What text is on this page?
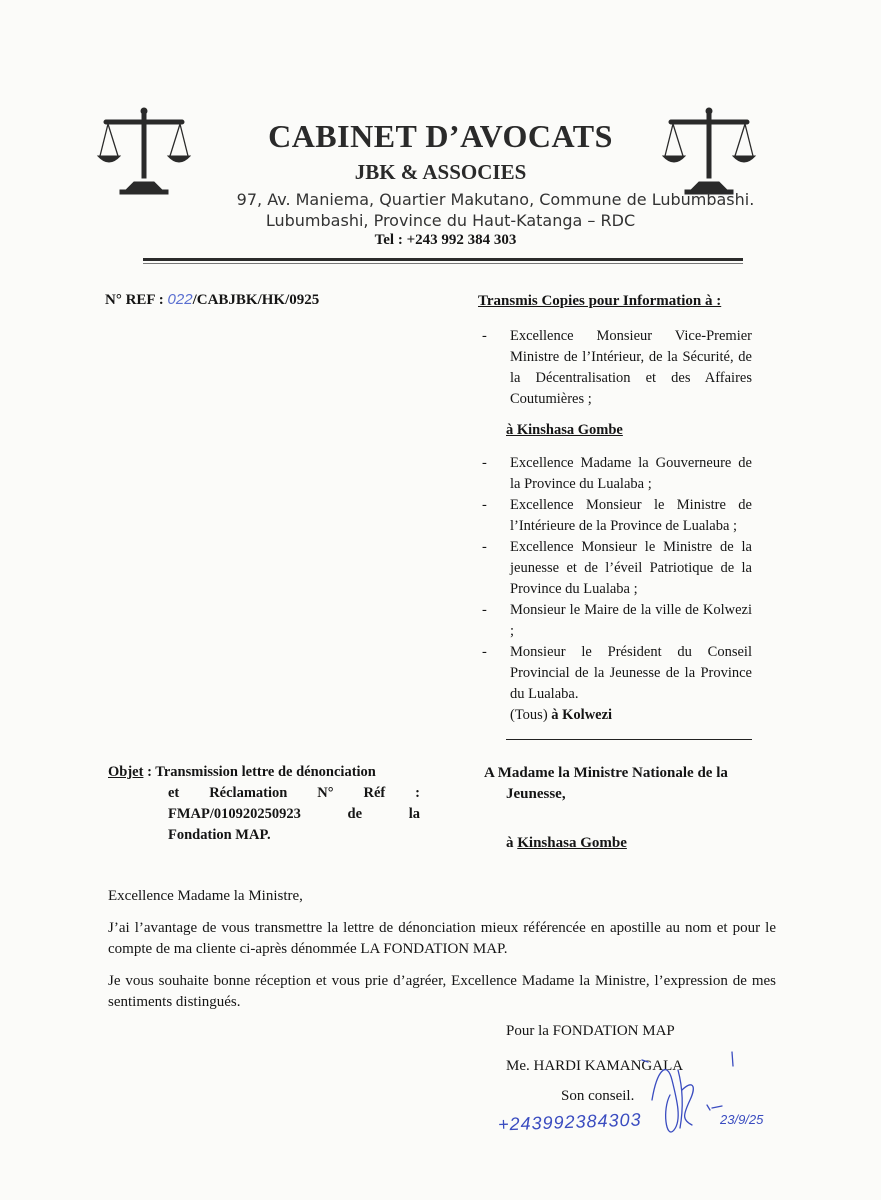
CABINET D’AVOCATS
JBK & ASSOCIES
97, Av. Maniema, Quartier Makutano, Commune de Lubumbashi.
Lubumbashi, Province du Haut-Katanga – RDC
Tel : +243 992 384 303
N° REF : 022/CABJBK/HK/0925	Transmis Copies pour Information à :
- Excellence Monsieur Vice-Premier Ministre de l’Intérieur, de la Sécurité, de la Décentralisation et des Affaires Coutumières ;
à Kinshasa Gombe
- Excellence Madame la Gouverneure de la Province du Lualaba ;
- Excellence Monsieur le Ministre de l’Intérieure de la Province de Lualaba ;
- Excellence Monsieur le Ministre de la jeunesse et de l’éveil Patriotique de la Province du Lualaba ;
- Monsieur le Maire de la ville de Kolwezi ;
- Monsieur le Président du Conseil Provincial de la Jeunesse de la Province du Lualaba.
(Tous) à Kolwezi
Objet : Transmission lettre de dénonciation
et Réclamation N° Réf :
FMAP/010920250923 de la
Fondation MAP.
A Madame la Ministre Nationale de la
Jeunesse,
à Kinshasa Gombe
Excellence Madame la Ministre,
J’ai l’avantage de vous transmettre la lettre de dénonciation mieux référencée en apostille au nom et pour le compte de ma cliente ci-après dénommée LA FONDATION MAP.
Je vous souhaite bonne réception et vous prie d’agréer, Excellence Madame la Ministre, l’expression de mes sentiments distingués.
Pour la FONDATION MAP
Me. HARDI KAMANGALA
Son conseil.
+243992384303	23/9/25
